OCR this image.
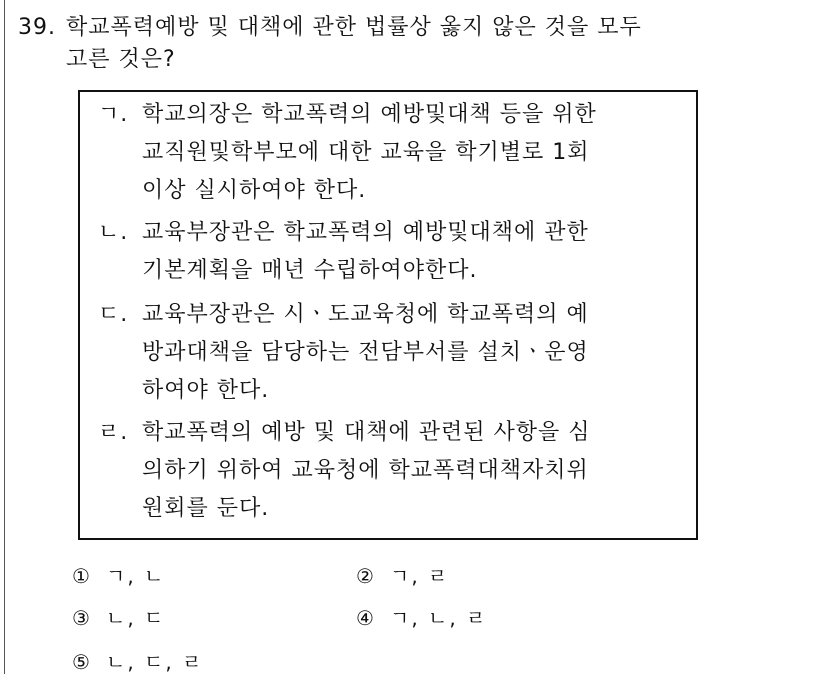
39. 학교폭력예방 및 대책에 관한 법률상 옳지 않은 것을 모두
고른 것은?
ㄱ. 학교의장은 학교폭력의 예방및대책 등을 위한
교직원및학부모에 대한 교육을 학기별로 1회
이상 실시하여야 한다.
ㄴ. 교육부장관은 학교폭력의 예방및대책에 관한
기본계획을 매년 수립하여야한다.
ㄷ. 교육부장관은 시ㆍ도교육청에 학교폭력의 예
방과대책을 담당하는 전담부서를 설치ㆍ운영
하여야 한다.
ㄹ. 학교폭력의 예방 및 대책에 관련된 사항을 심
의하기 위하여 교육청에 학교폭력대책자치위
원회를 둔다.
① ㄱ, ㄴ	② ㄱ, ㄹ
③ ㄴ, ㄷ	④ ㄱ, ㄴ, ㄹ
⑤ ㄴ, ㄷ, ㄹ
